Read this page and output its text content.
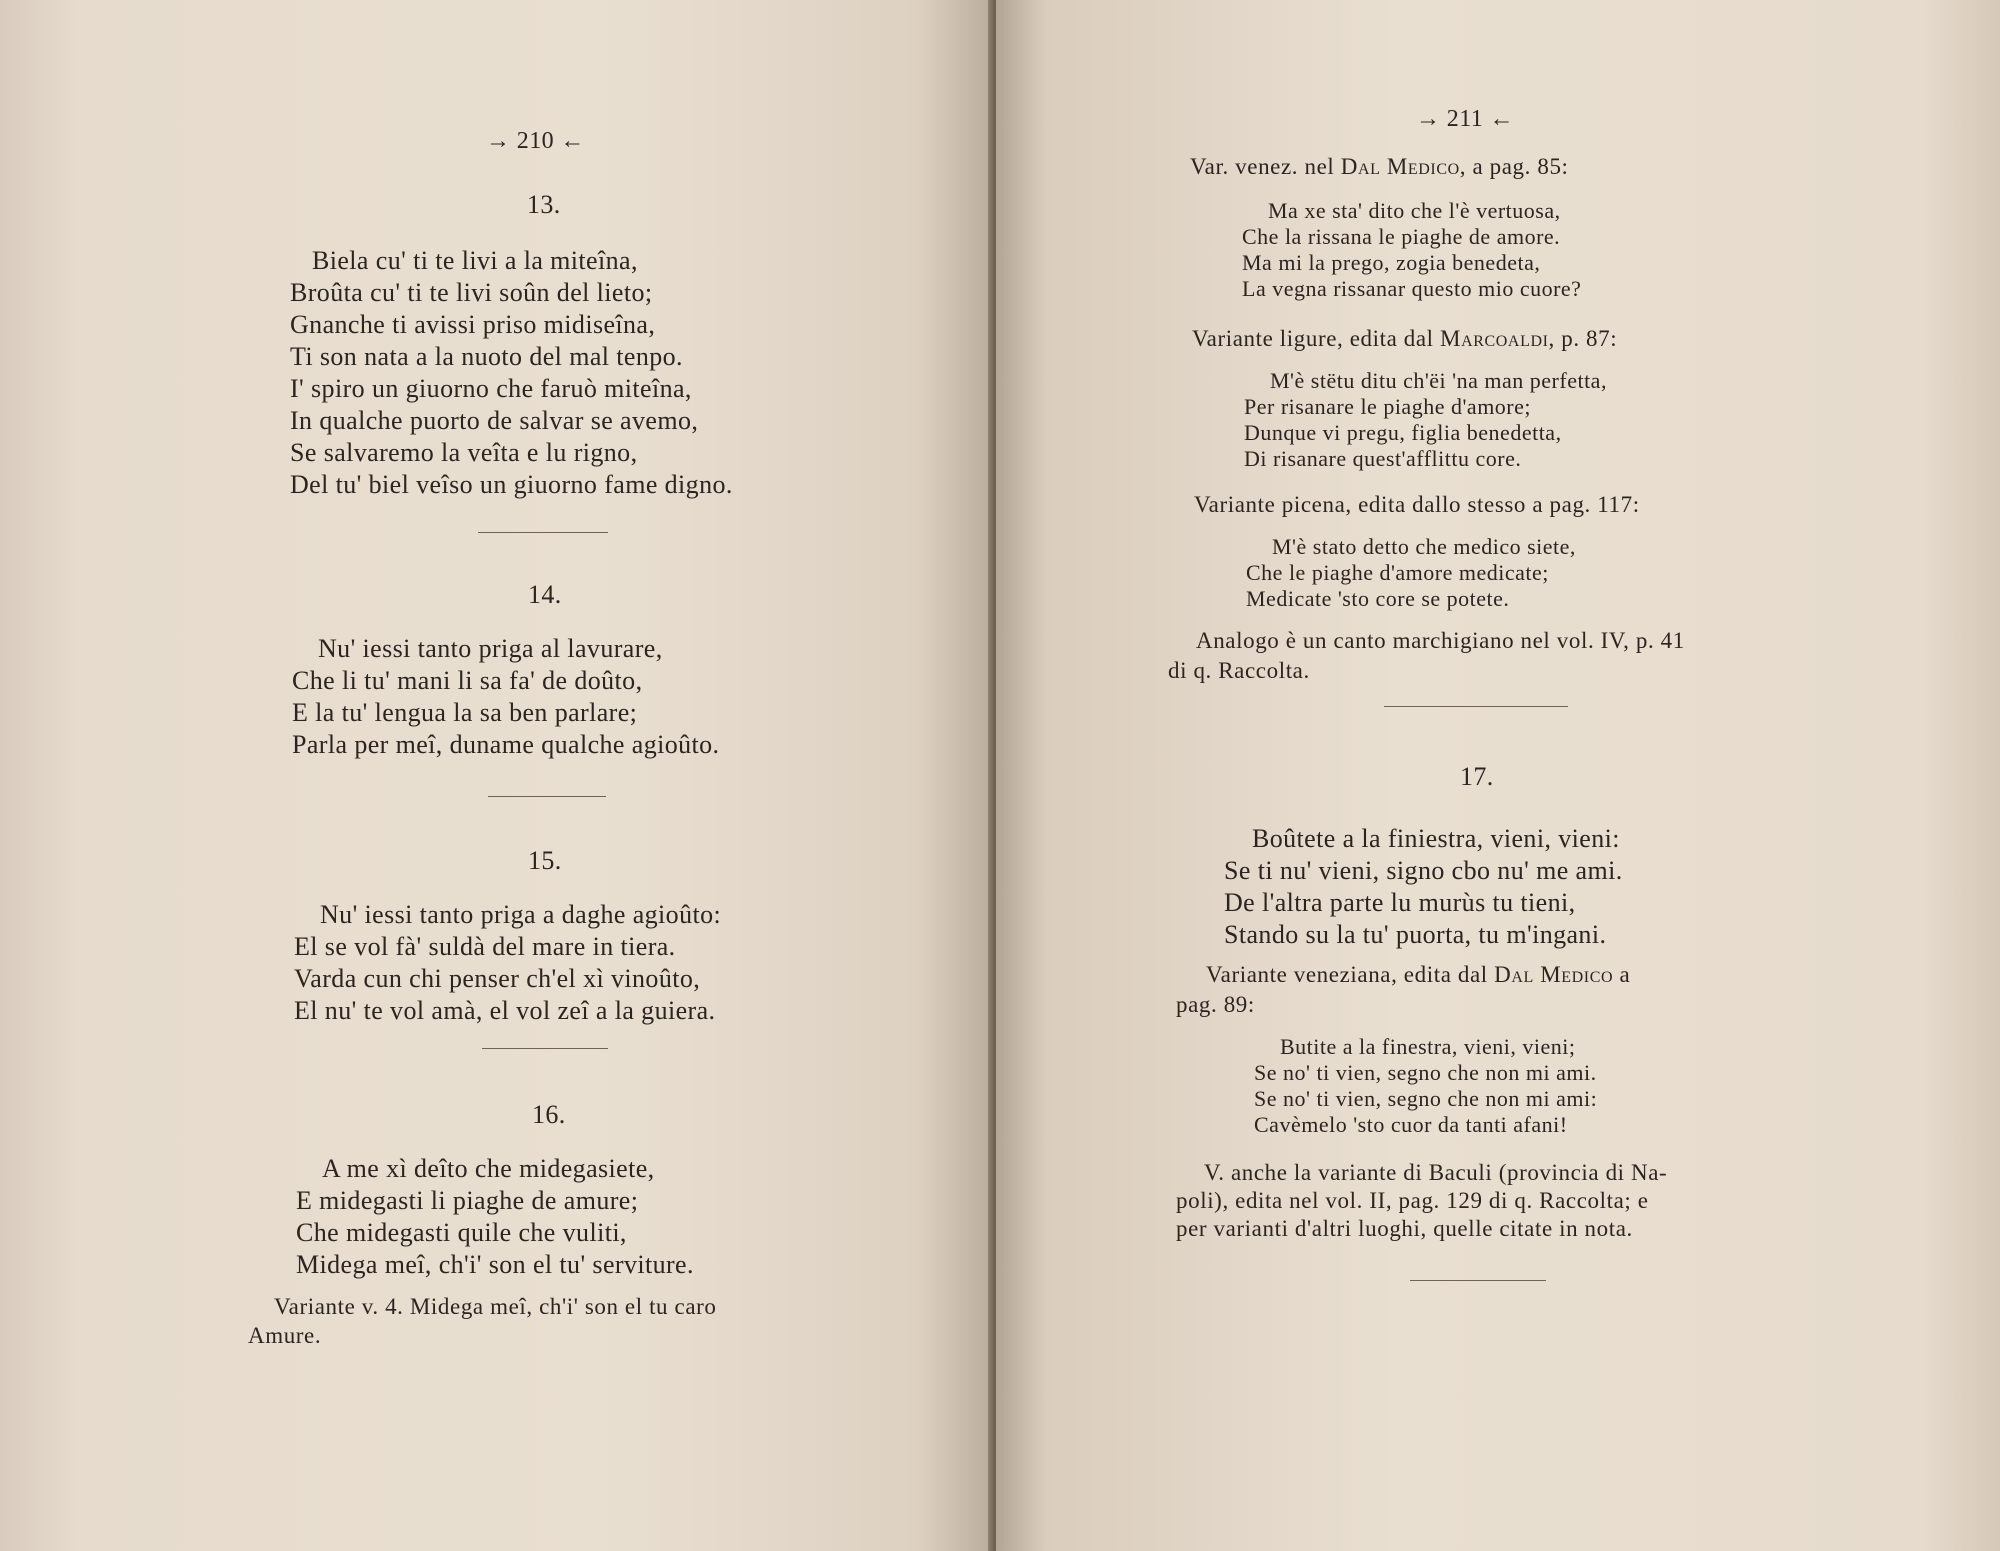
→ 210 ←
13.
Biela cu' ti te livi a la miteîna,
Broûta cu' ti te livi soûn del lieto;
Gnanche ti avissi priso midiseîna,
Ti son nata a la nuoto del mal tenpo.
I' spiro un giuorno che faruò miteîna,
In qualche puorto de salvar se avemo,
Se salvaremo la veîta e lu rigno,
Del tu' biel veîso un giuorno fame digno.
14.
Nu' iessi tanto priga al lavurare,
Che li tu' mani li sa fa' de doûto,
E la tu' lengua la sa ben parlare;
Parla per meî, duname qualche agioûto.
15.
Nu' iessi tanto priga a daghe agioûto:
El se vol fà' suldà del mare in tiera.
Varda cun chi penser ch'el xì vinoûto,
El nu' te vol amà, el vol zeî a la guiera.
16.
A me xì deîto che midegasiete,
E midegasti li piaghe de amure;
Che midegasti quile che vuliti,
Midega meî, ch'i' son el tu' serviture.
Variante v. 4. Midega meî, ch'i' son el tu caro
Amure.
→ 211 ←
Var. venez. nel Dal Medico, a pag. 85:
Ma xe sta' dito che l'è vertuosa,
Che la rissana le piaghe de amore.
Ma mi la prego, zogia benedeta,
La vegna rissanar questo mio cuore?
Variante ligure, edita dal Marcoaldi, p. 87:
M'è stëtu ditu ch'ëi 'na man perfetta,
Per risanare le piaghe d'amore;
Dunque vi pregu, figlia benedetta,
Di risanare quest'afflittu core.
Variante picena, edita dallo stesso a pag. 117:
M'è stato detto che medico siete,
Che le piaghe d'amore medicate;
Medicate 'sto core se potete.
Analogo è un canto marchigiano nel vol. IV, p. 41
di q. Raccolta.
17.
Boûtete a la finiestra, vieni, vieni:
Se ti nu' vieni, signo cbo nu' me ami.
De l'altra parte lu murùs tu tieni,
Stando su la tu' puorta, tu m'ingani.
Variante veneziana, edita dal Dal Medico a
pag. 89:
Butite a la finestra, vieni, vieni;
Se no' ti vien, segno che non mi ami.
Se no' ti vien, segno che non mi ami:
Cavèmelo 'sto cuor da tanti afani!
V. anche la variante di Baculi (provincia di Na-
poli), edita nel vol. II, pag. 129 di q. Raccolta; e
per varianti d'altri luoghi, quelle citate in nota.
